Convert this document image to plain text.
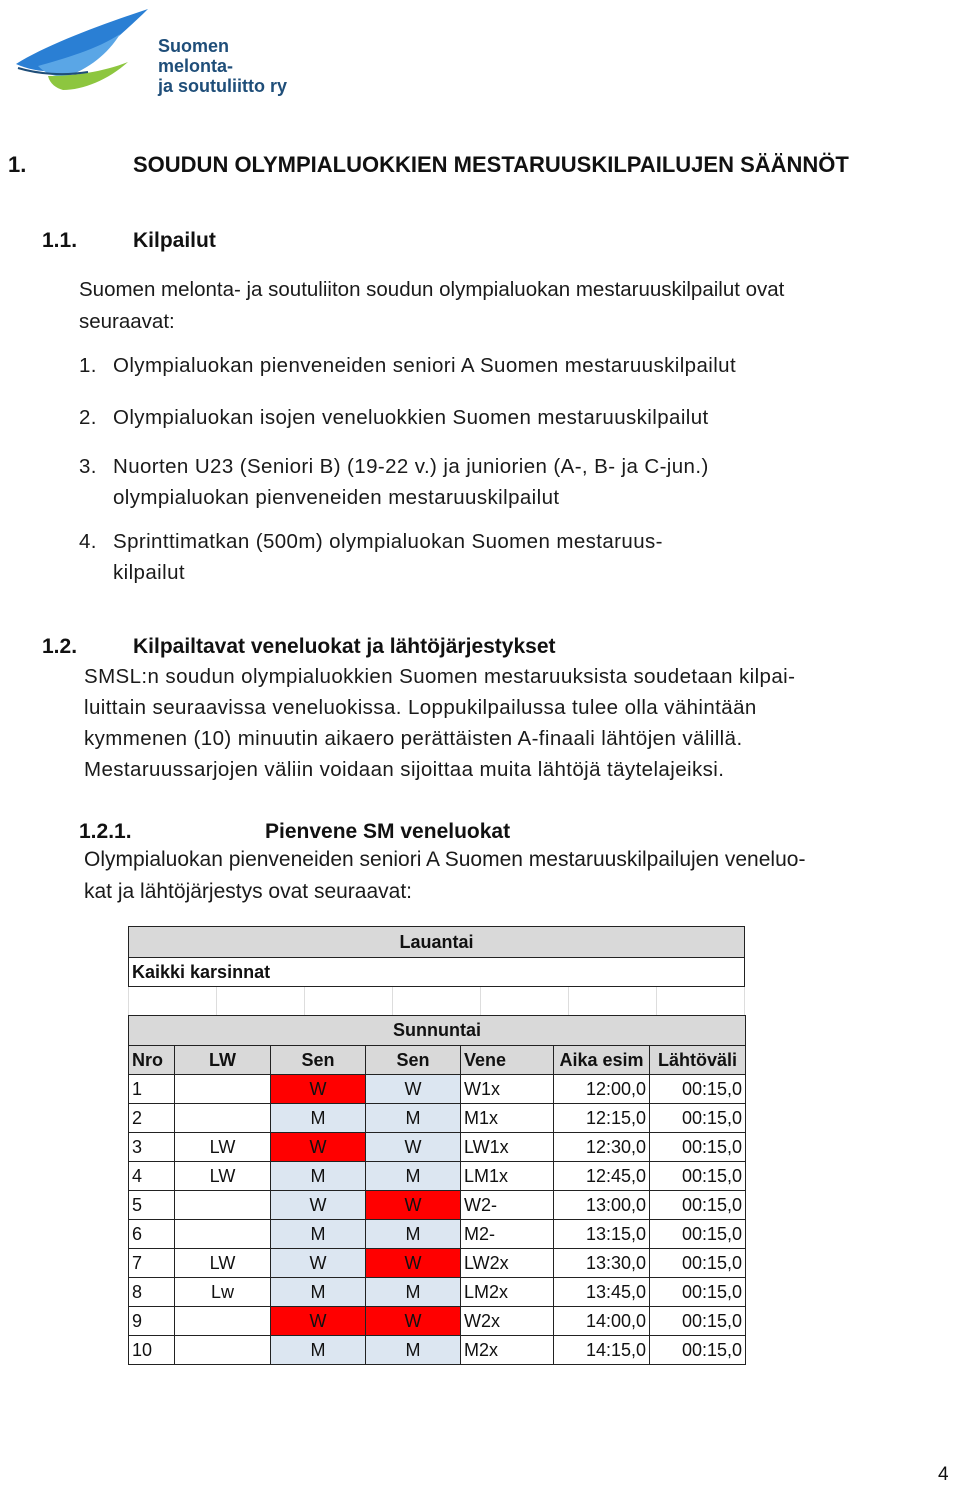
Suomen
melonta-
ja soutuliitto ry
1.	SOUDUN OLYMPIALUOKKIEN MESTARUUSKILPAILUJEN SÄÄNNÖT
1.1.	Kilpailut
Suomen melonta- ja soutuliiton soudun olympialuokan mestaruuskilpailut ovat
seuraavat:
1. Olympialuokan pienveneiden seniori A Suomen mestaruuskilpailut
2. Olympialuokan isojen veneluokkien Suomen mestaruuskilpailut
3. Nuorten U23 (Seniori B) (19-22 v.) ja juniorien (A-, B- ja C-jun.)
olympialuokan pienveneiden mestaruuskilpailut
4. Sprinttimatkan (500m) olympialuokan Suomen mestaruus-
kilpailut
1.2.	Kilpailtavat veneluokat ja lähtöjärjestykset
SMSL:n soudun olympialuokkien Suomen mestaruuksista soudetaan kilpai-
luittain seuraavissa veneluokissa. Loppukilpailussa tulee olla vähintään
kymmenen (10) minuutin aikaero perättäisten A-finaali lähtöjen välillä.
Mestaruussarjojen väliin voidaan sijoittaa muita lähtöjä täytelajeiksi.
1.2.1.	Pienvene SM veneluokat
Olympialuokan pienveneiden seniori A Suomen mestaruuskilpailujen veneluo-
kat ja lähtöjärjestys ovat seuraavat:
Lauantai
Kaikki karsinnat

Sunnuntai						
Nro	LW	Sen	Sen	Vene	Aika esim	Lähtöväli
1		W	W	W1x	12:00,0	00:15,0
2		M	M	M1x	12:15,0	00:15,0
3	LW	W	W	LW1x	12:30,0	00:15,0
4	LW	M	M	LM1x	12:45,0	00:15,0
5		W	W	W2-	13:00,0	00:15,0
6		M	M	M2-	13:15,0	00:15,0
7	LW	W	W	LW2x	13:30,0	00:15,0
8	Lw	M	M	LM2x	13:45,0	00:15,0
9		W	W	W2x	14:00,0	00:15,0
10		M	M	M2x	14:15,0	00:15,0
4
